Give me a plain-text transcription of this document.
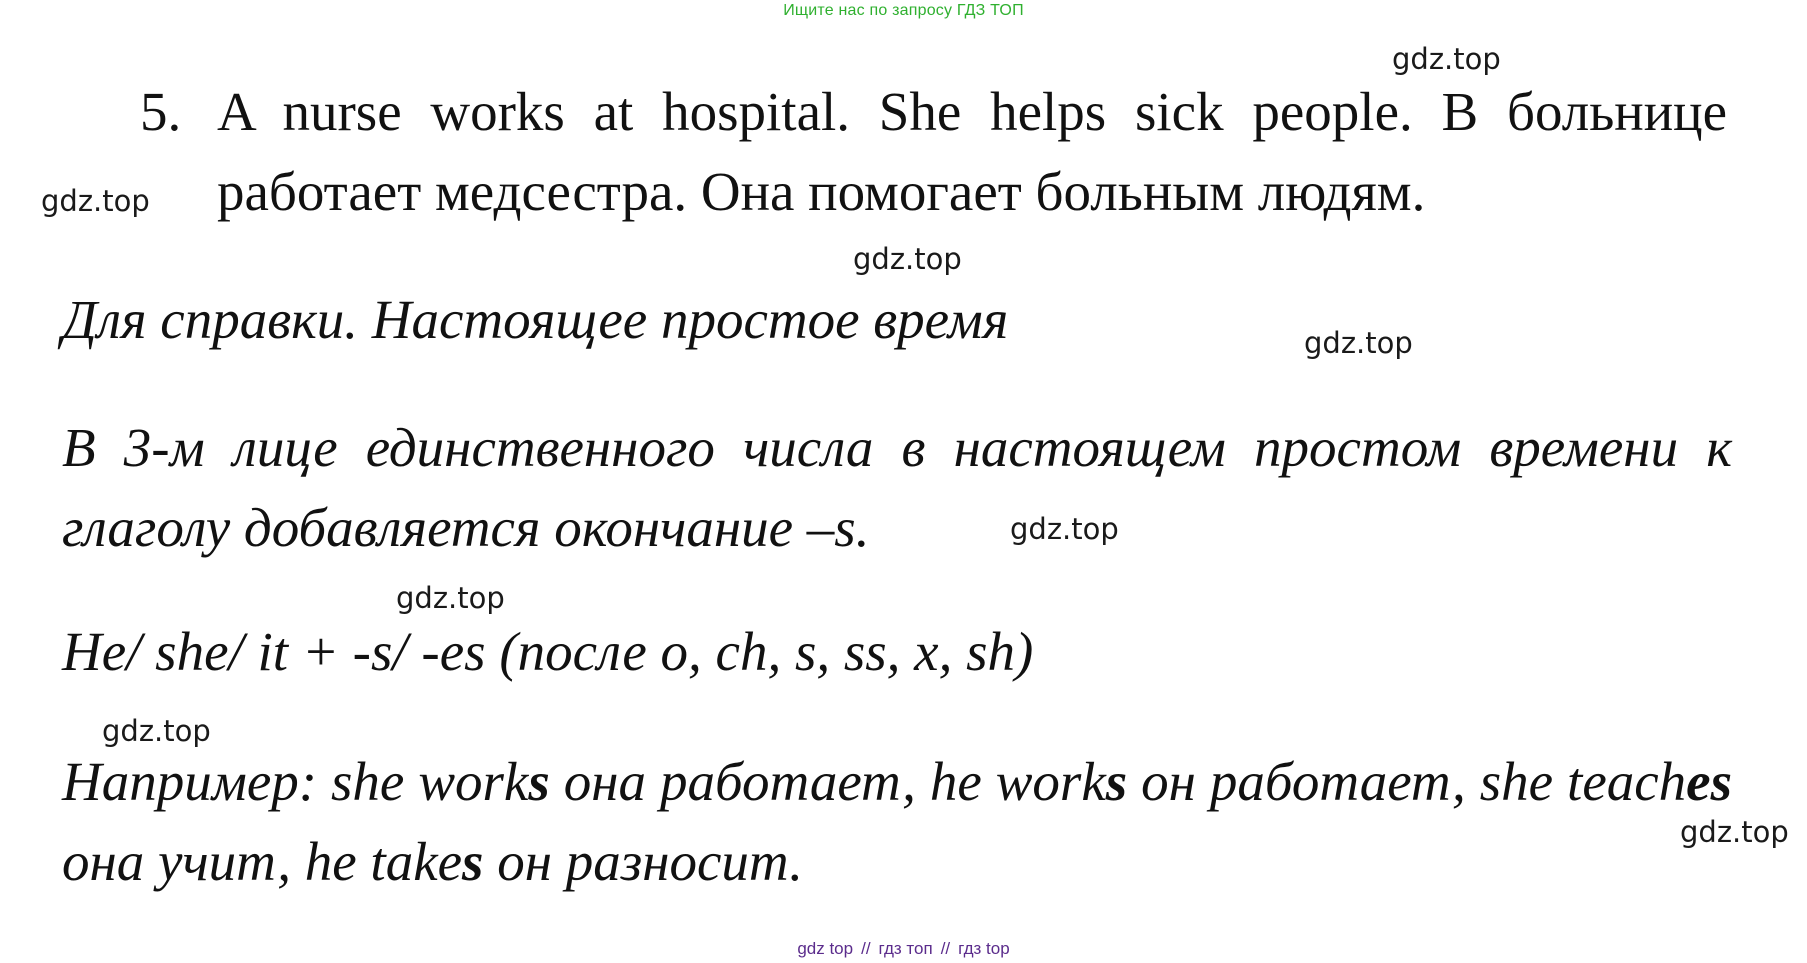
Ищите нас по запросу ГДЗ ТОП
gdz.top
gdz.top
gdz.top
gdz.top
gdz.top
gdz.top
gdz.top
gdz.top
5. A nurse works at hospital. She helps sick people. В больнице работает медсестра. Она помогает больным людям.
Для справки. Настоящее простое время
В 3-м лице единственного числа в настоящем простом времени к глаголу добавляется окончание –s.
He/ she/ it + -s/ -es (после o, ch, s, ss, x, sh)
Например: she works она работает, he works он работает, she teaches она учит, he takes он разносит.
gdz top // гдз топ // гдз top
